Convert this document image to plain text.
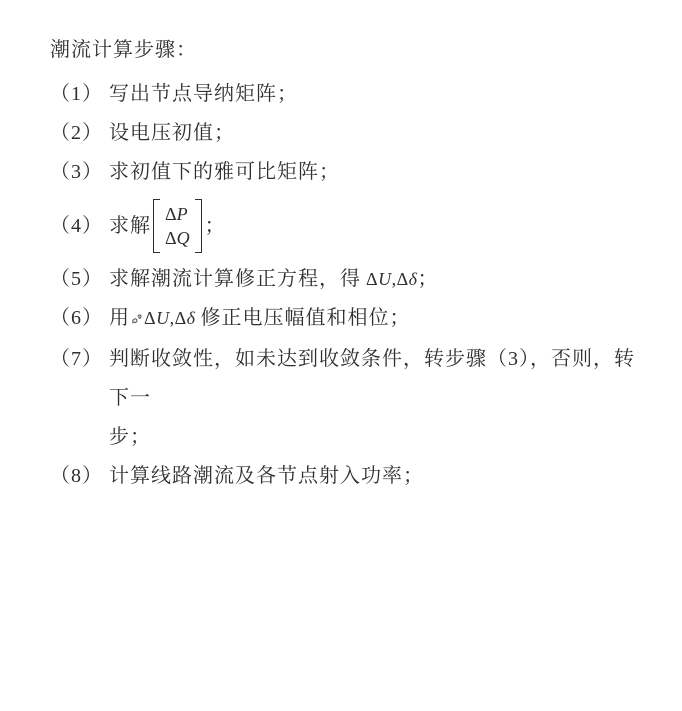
潮流计算步骤：
（1） 写出节点导纳矩阵；
（2） 设电压初值；
（3） 求初值下的雅可比矩阵；
（4） 求解
ΔP
ΔQ
；
（5） 求解潮流计算修正方程，得 ΔU,Δδ；
（6） 用 ΔU,Δδ 修正电压幅值和相位；
（7） 判断收敛性，如未达到收敛条件，转步骤（3），否则，转下一
步；
（8） 计算线路潮流及各节点射入功率；
